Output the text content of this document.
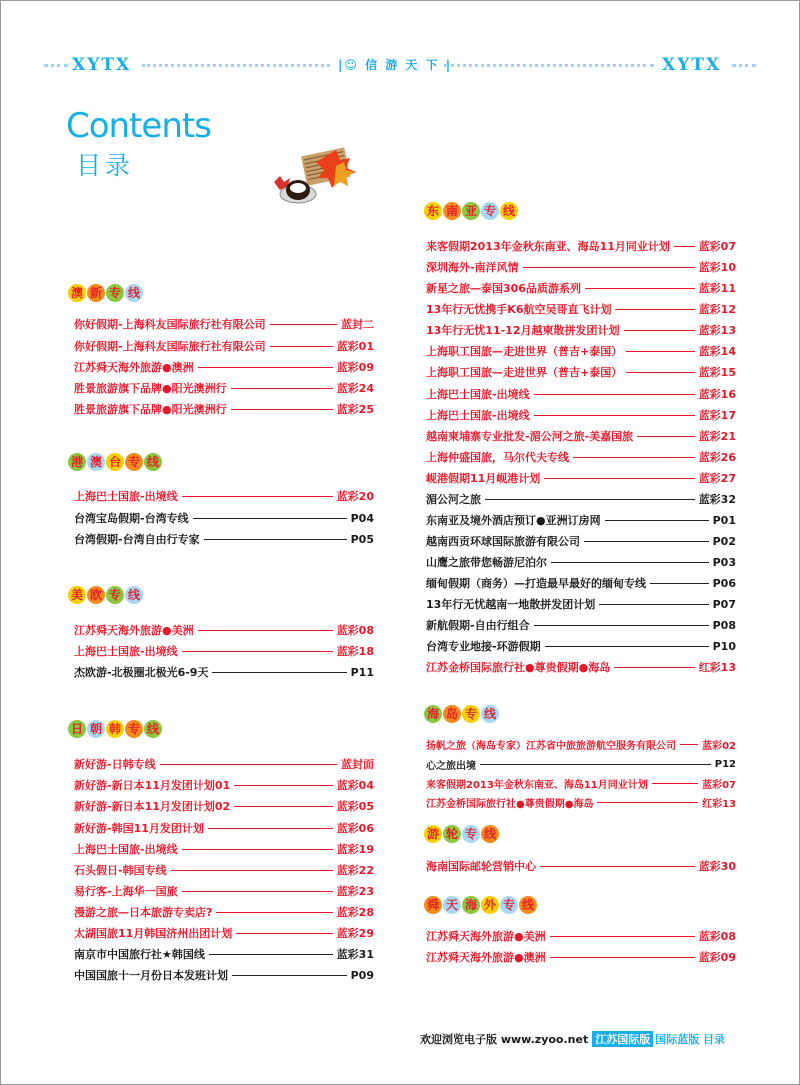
XYTX	|☺ 信 游 天 下 |	XYTX
Contents
目录
澳 新 专 线
你好假期-上海科友国际旅行社有限公司	蓝封二
你好假期-上海科友国际旅行社有限公司	蓝彩01
江苏舜天海外旅游●澳洲	蓝彩09
胜景旅游旗下品牌●阳光澳洲行	蓝彩24
胜景旅游旗下品牌●阳光澳洲行	蓝彩25
港 澳 台 专 线
上海巴士国旅-出境线	蓝彩20
台湾宝岛假期-台湾专线	P04
台湾假期-台湾自由行专家	P05
美 欧 专 线
江苏舜天海外旅游●美洲	蓝彩08
上海巴士国旅-出境线	蓝彩18
杰欧游-北极圈北极光6-9天	P11
日 朝 韩 专 线
新好游-日韩专线	蓝封面
新好游-新日本11月发团计划01	蓝彩04
新好游-新日本11月发团计划02	蓝彩05
新好游-韩国11月发团计划	蓝彩06
上海巴士国旅-出境线	蓝彩19
石头假日-韩国专线	蓝彩22
易行客-上海华一国旅	蓝彩23
漫游之旅—日本旅游专卖店?	蓝彩28
太湖国旅11月韩国济州出团计划	蓝彩29
南京市中国旅行社★韩国线	蓝彩31
中国国旅十一月份日本发班计划	P09
东 南 亚 专 线
来客假期2013年金秋东南亚、海岛11月同业计划	蓝彩07
深圳海外-南洋风情	蓝彩10
新星之旅—泰国306品质游系列	蓝彩11
13年行无忧携手K6航空吴哥直飞计划	蓝彩12
13年行无忧11-12月越柬散拼发团计划	蓝彩13
上海职工国旅—走进世界（普吉+泰国）	蓝彩14
上海职工国旅—走进世界（普吉+泰国）	蓝彩15
上海巴士国旅-出境线	蓝彩16
上海巴士国旅-出境线	蓝彩17
越南柬埔寨专业批发-湄公河之旅-美嘉国旅	蓝彩21
上海仲盛国旅，马尔代夫专线	蓝彩26
岘港假期11月岘港计划	蓝彩27
湄公河之旅	蓝彩32
东南亚及境外酒店预订●亚洲订房网	P01
越南西贡环球国际旅游有限公司	P02
山鹰之旅带您畅游尼泊尔	P03
缅甸假期（商务）—打造最早最好的缅甸专线	P06
13年行无忧越南一地散拼发团计划	P07
新航假期-自由行组合	P08
台湾专业地接-环游假期	P10
江苏金桥国际旅行社●尊贵假期●海岛	红彩13
海 岛 专 线
扬帆之旅（海岛专家）江苏省中旅旅游航空服务有限公司	蓝彩02
心之旅出境	P12
来客假期2013年金秋东南亚、海岛11月同业计划	蓝彩07
江苏金桥国际旅行社●尊贵假期●海岛	红彩13
游 轮 专 线
海南国际邮轮营销中心	蓝彩30
舜 天 海 外 专 线
江苏舜天海外旅游●美洲	蓝彩08
江苏舜天海外旅游●澳洲	蓝彩09
欢迎浏览电子版 www.zyoo.net 江苏国际版 国际蓝版 目录
